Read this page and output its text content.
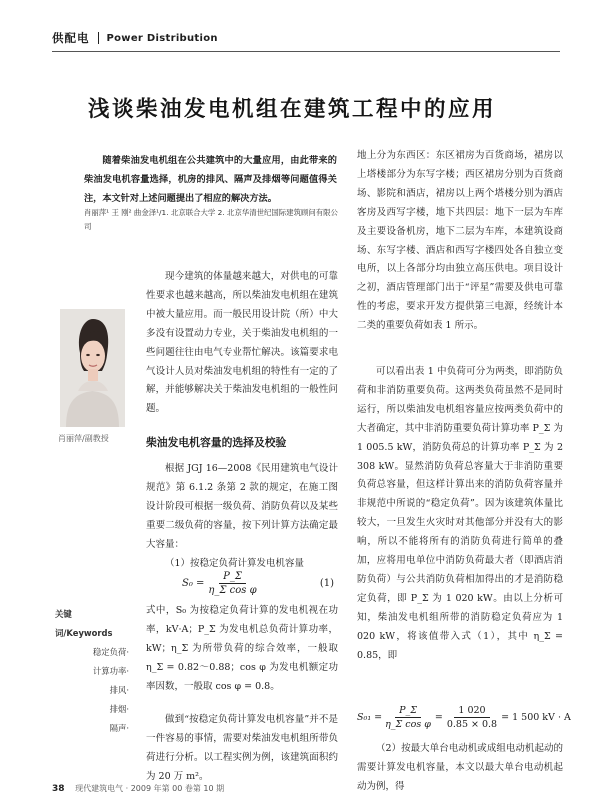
供配电 Power Distribution
浅谈柴油发电机组在建筑工程中的应用

随着柴油发电机组在公共建筑中的大量应用，由此带来的柴油发电机容量选择，机房的排风、隔声及排烟等问题值得关注，本文针对上述问题提出了相应的解决方法。

肖丽萍¹ 王 刚² 曲金泽¹/1. 北京联合大学 2. 北京华清世纪国际建筑顾问有限公司

现今建筑的体量越来越大，对供电的可靠性要求也越来越高，所以柴油发电机组在建筑中被大量应用。而一般民用设计院（所）中大多没有设置动力专业，关于柴油发电机组的一些问题往往由电气专业帮忙解决。该篇要求电气设计人员对柴油发电机组的特性有一定的了解，并能够解决关于柴油发电机组的一般性问题。

肖丽萍/副教授	柴油发电机容量的选择及校验

根据 JGJ 16—2008《民用建筑电气设计规范》第 6.1.2 条第 2 款的规定，在施工图设计阶段可根据一级负荷、消防负荷以及某些重要二级负荷的容量，按下列计算方法确定最大容量：

（1）按稳定负荷计算发电机容量

$S_0 = \frac{P\_\Sigma}{\text{η\_Σ cos φ}}$	(1)

式中，S₀ 为按稳定负荷计算的发电机视在功率，kV·A；P_Σ 为发电机总负荷计算功率，kW；η_Σ 为所带负荷的综合效率，一般取 η_Σ = 0.82～0.88；cos φ 为发电机额定功率因数，一般取 cos φ = 0.8。

做到“按稳定负荷计算发电机容量”并不是一件容易的事情，需要对柴油发电机组所带负荷进行分析。以工程实例为例，该建筑面积约为 20 万 m²。

关键词/Keywords
稳定负荷·
计算功率·
排风·
排烟·
隔声·

地上分为东西区：东区裙房为百货商场，裙房以上塔楼部分为东写字楼；西区裙房分别为百货商场、影院和酒店，裙房以上两个塔楼分别为酒店客房及西写字楼，地下共四层：地下一层为车库及主要设备机房，地下二层为车库，本建筑设商场、东写字楼、酒店和西写字楼四处各自独立变电所，以上各部分均由独立高压供电。项目设计之初，酒店管理部门出于“评星”需要及供电可靠性的考虑，要求开发方提供第三电源，经统计本二类的重要负荷如表 1 所示。

可以看出表 1 中负荷可分为两类，即消防负荷和非消防重要负荷。这两类负荷虽然不是同时运行，所以柴油发电机组容量应按两类负荷中的大者确定，其中非消防重要负荷计算功率 P_Σ 为 1 005.5 kW，消防负荷总的计算功率 P_Σ 为 2 308 kW。显然消防负荷总容量大于非消防重要负荷总容量，但这样计算出来的消防负荷容量并非规范中所说的“稳定负荷”。因为该建筑体量比较大，一旦发生火灾时对其他部分并没有大的影响，所以不能将所有的消防负荷进行简单的叠加，应将用电单位中消防负荷最大者（即酒店消防负荷）与公共消防负荷相加得出的才是消防稳定负荷，即 P_Σ 为 1 020 kW。由以上分析可知，柴油发电机组所带的消防稳定负荷应为 1 020 kW，将该值带入式（1），其中 η_Σ = 0.85，即

$S_{01} = \frac{P\_\Sigma}{\text{η\_Σ cos φ}} = \frac{1 020}{0.85 \times 0.8} = 1$ 500 kV · A

（2）按最大单台电动机或成组电动机起动的需要计算发电机容量，本文以最大单台电动机起动为例，得

38 现代建筑电气 · 2009 年第 00 卷第 10 期
